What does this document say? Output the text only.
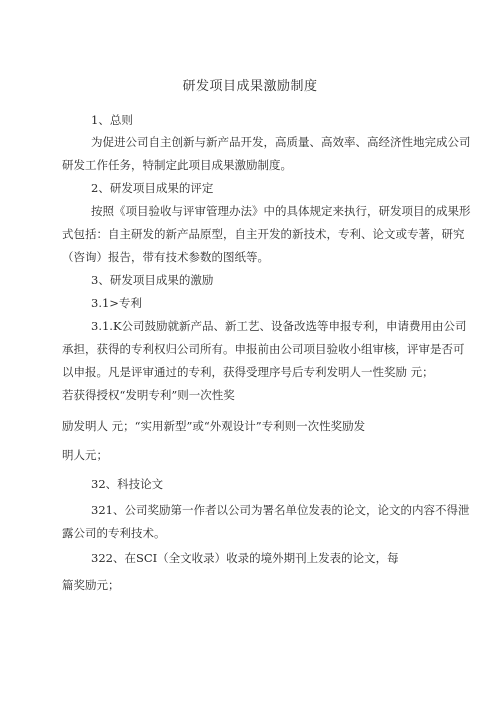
研发项目成果激励制度
1、总则
为促进公司自主创新与新产品开发，高质量、高效率、高经济性地完成公司
研发工作任务，特制定此项目成果激励制度。
2、研发项目成果的评定
按照《项目验收与评审管理办法》中的具体规定来执行，研发项目的成果形
式包括：自主研发的新产品原型，自主开发的新技术，专利、论文或专著，研究
（咨询）报告，带有技术参数的图纸等。
3、研发项目成果的激励
3.1>专利
3.1.K公司鼓励就新产品、新工艺、设备改选等申报专利，申请费用由公司
承担，获得的专利权归公司所有。申报前由公司项目验收小组审核，评审是否可
以申报。凡是评审通过的专利，获得受理序号后专利发明人一性奖励 元；
若获得授权“发明专利”则一次性奖
励发明人 元；“实用新型”或“外观设计”专利则一次性奖励发
明人元；
32、科技论文
321、公司奖励第一作者以公司为署名单位发表的论文，论文的内容不得泄
露公司的专利技术。
322、在SCI（全文收录）收录的境外期刊上发表的论文，每
篇奖励元；
